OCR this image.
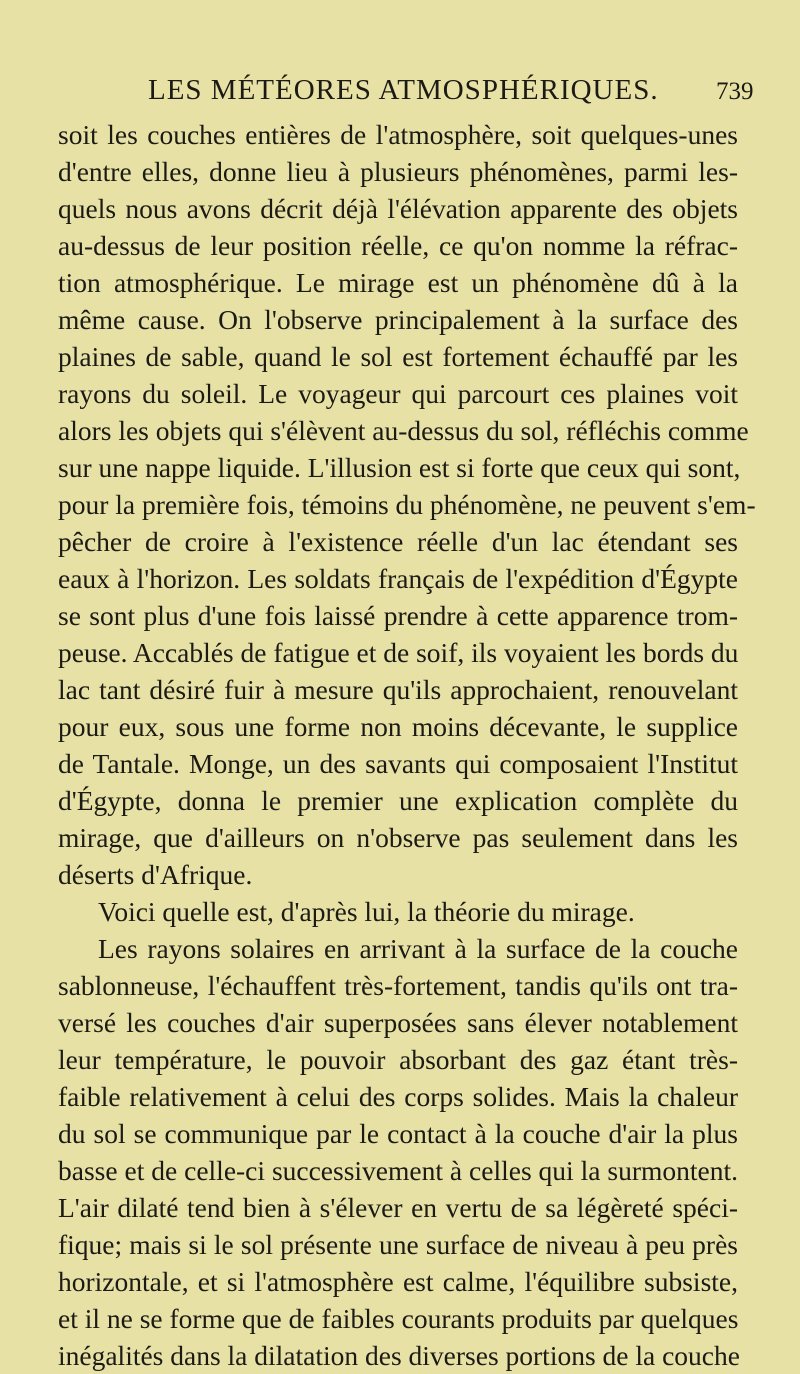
LES MÉTÉORES ATMOSPHÉRIQUES. 739
soit les couches entières de l'atmosphère, soit quelques-unes
d'entre elles, donne lieu à plusieurs phénomènes, parmi les-
quels nous avons décrit déjà l'élévation apparente des objets
au-dessus de leur position réelle, ce qu'on nomme la réfrac-
tion atmosphérique. Le mirage est un phénomène dû à la
même cause. On l'observe principalement à la surface des
plaines de sable, quand le sol est fortement échauffé par les
rayons du soleil. Le voyageur qui parcourt ces plaines voit
alors les objets qui s'élèvent au-dessus du sol, réfléchis comme
sur une nappe liquide. L'illusion est si forte que ceux qui sont,
pour la première fois, témoins du phénomène, ne peuvent s'em-
pêcher de croire à l'existence réelle d'un lac étendant ses
eaux à l'horizon. Les soldats français de l'expédition d'Égypte
se sont plus d'une fois laissé prendre à cette apparence trom-
peuse. Accablés de fatigue et de soif, ils voyaient les bords du
lac tant désiré fuir à mesure qu'ils approchaient, renouvelant
pour eux, sous une forme non moins décevante, le supplice
de Tantale. Monge, un des savants qui composaient l'Institut
d'Égypte, donna le premier une explication complète du
mirage, que d'ailleurs on n'observe pas seulement dans les
déserts d'Afrique.
Voici quelle est, d'après lui, la théorie du mirage.
Les rayons solaires en arrivant à la surface de la couche
sablonneuse, l'échauffent très-fortement, tandis qu'ils ont tra-
versé les couches d'air superposées sans élever notablement
leur température, le pouvoir absorbant des gaz étant très-
faible relativement à celui des corps solides. Mais la chaleur
du sol se communique par le contact à la couche d'air la plus
basse et de celle-ci successivement à celles qui la surmontent.
L'air dilaté tend bien à s'élever en vertu de sa légèreté spéci-
fique; mais si le sol présente une surface de niveau à peu près
horizontale, et si l'atmosphère est calme, l'équilibre subsiste,
et il ne se forme que de faibles courants produits par quelques
inégalités dans la dilatation des diverses portions de la couche
